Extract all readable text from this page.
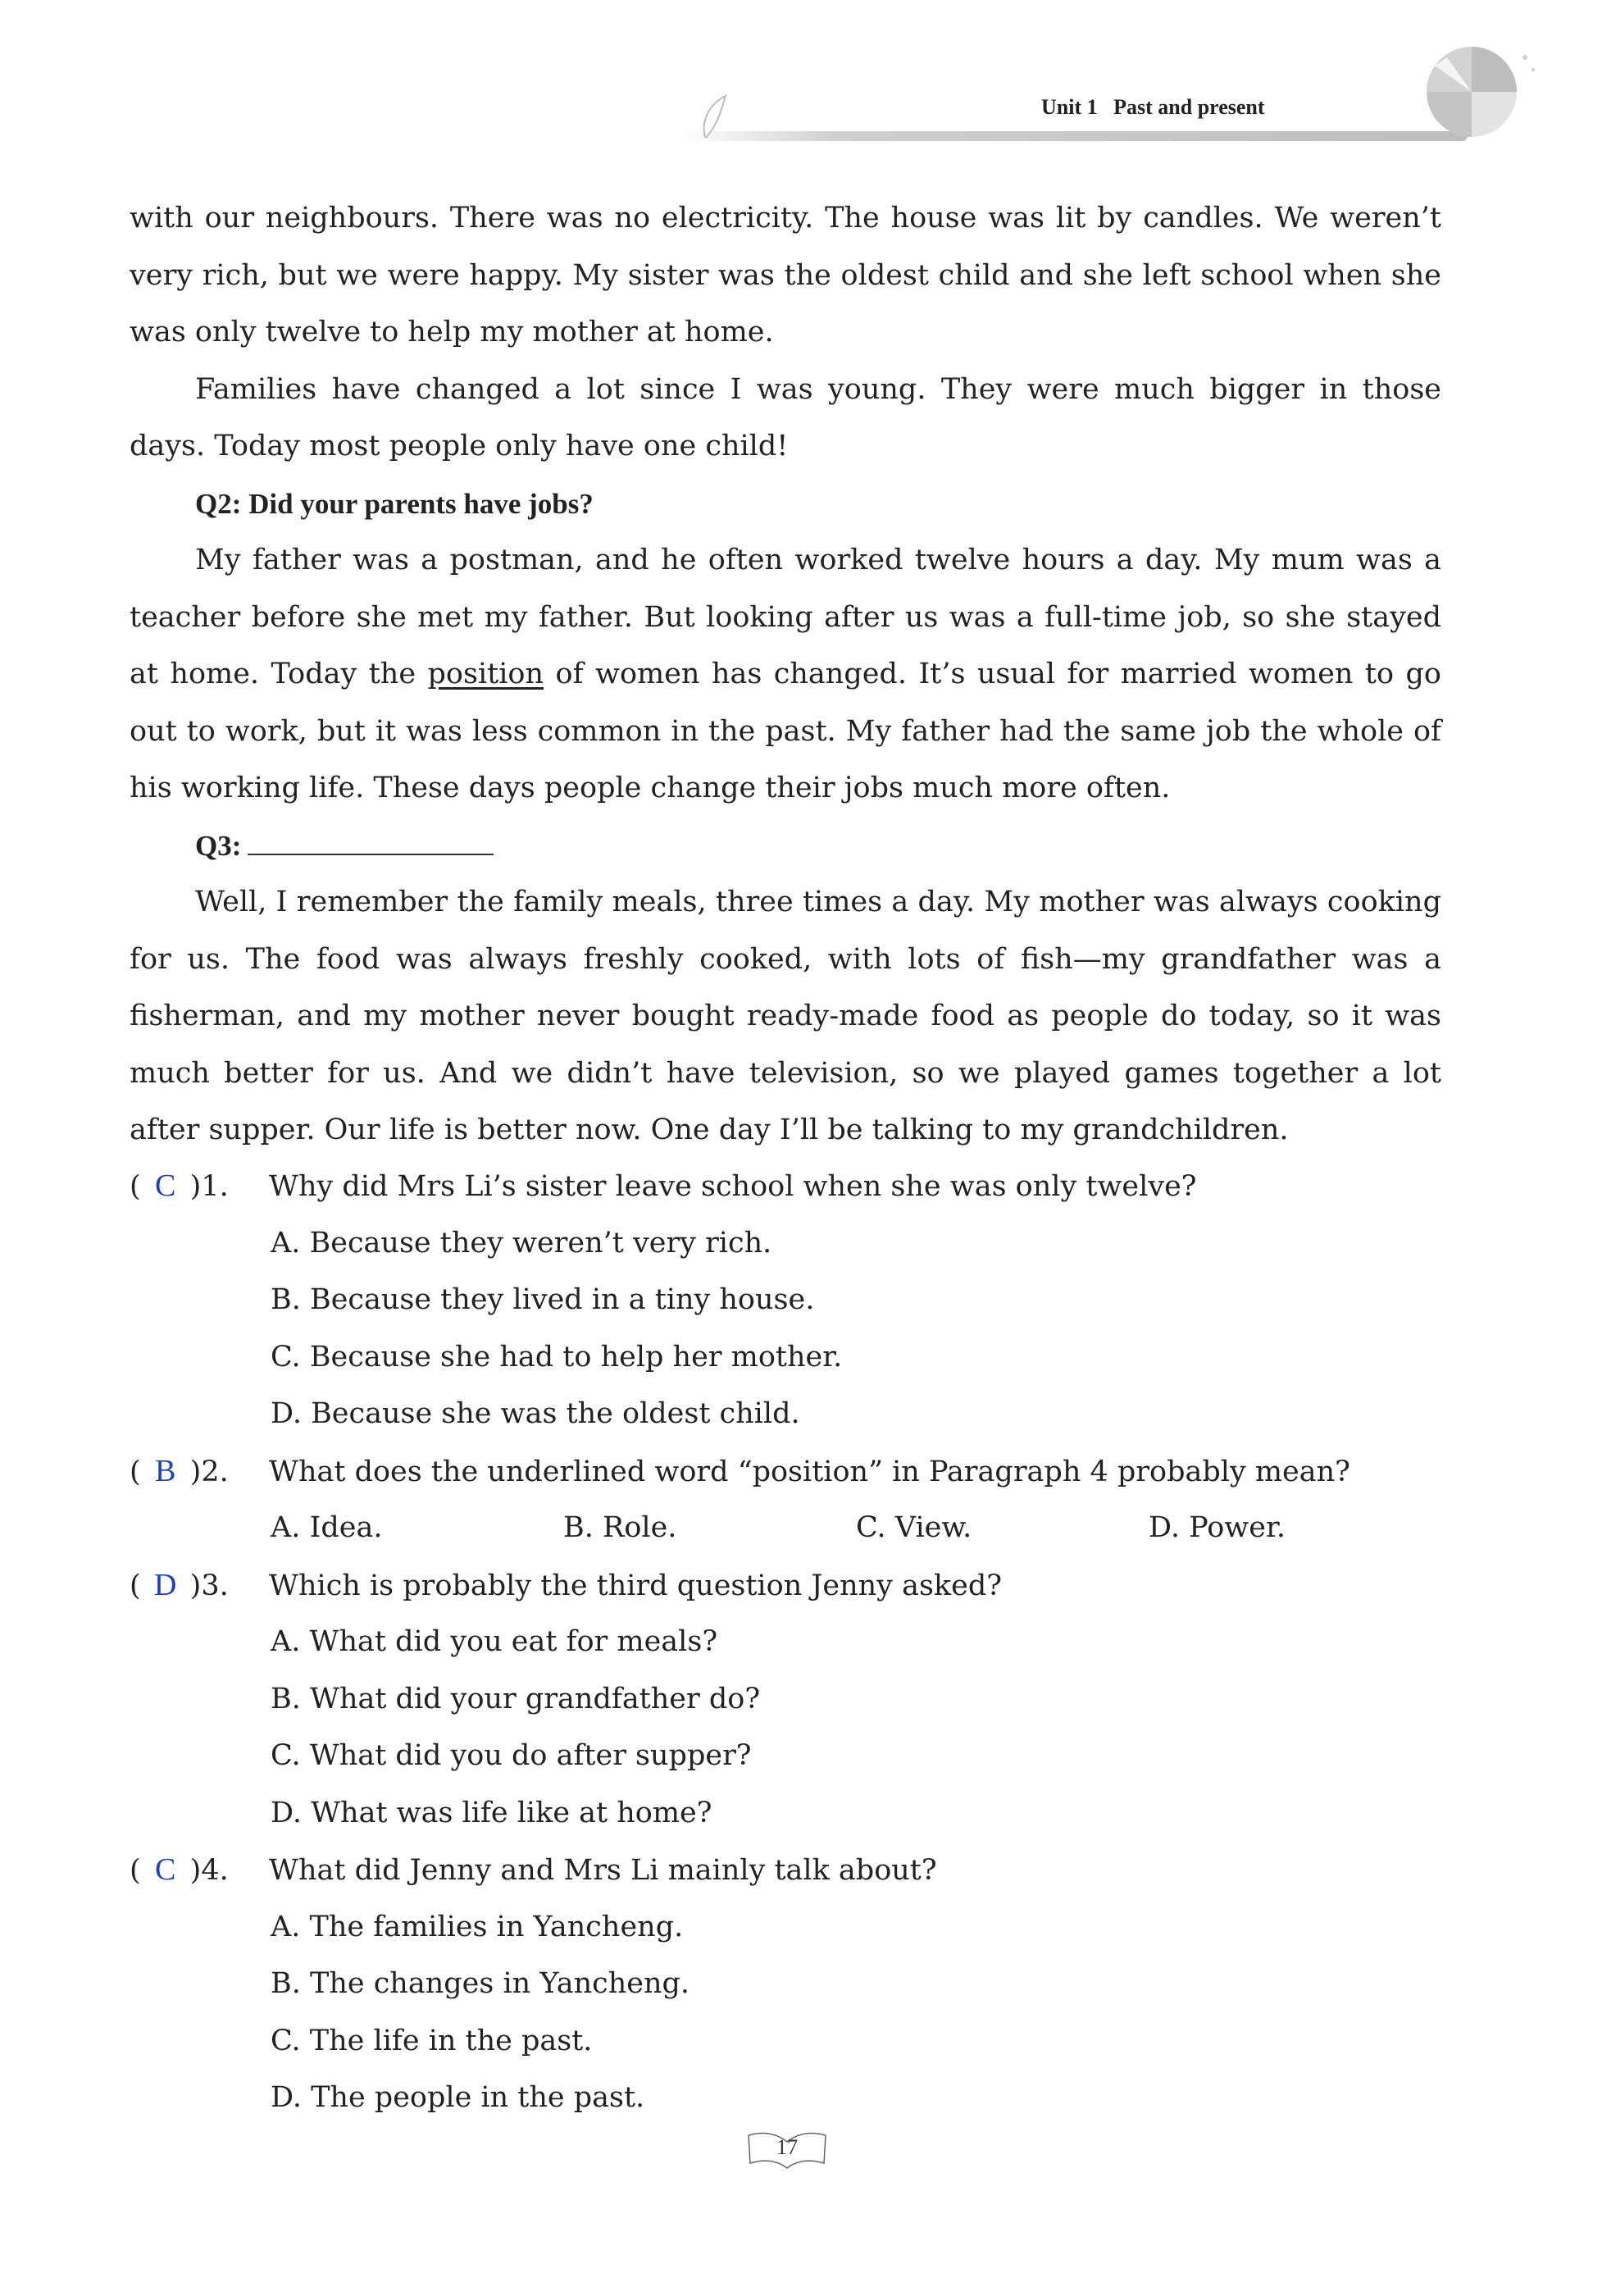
Unit 1   Past and present

with our neighbours. There was no electricity. The house was lit by candles. We weren’t very rich, but we were happy. My sister was the oldest child and she left school when she was only twelve to help my mother at home.

Families have changed a lot since I was young. They were much bigger in those days. Today most people only have one child!

Q2: Did your parents have jobs?

My father was a postman, and he often worked twelve hours a day. My mum was a teacher before she met my father. But looking after us was a full-time job, so she stayed at home. Today the position of women has changed. It’s usual for married women to go out to work, but it was less common in the past. My father had the same job the whole of his working life. These days people change their jobs much more often.

Q3:

Well, I remember the family meals, three times a day. My mother was always cooking for us. The food was always freshly cooked, with lots of fish—my grandfather was a fisherman, and my mother never bought ready-made food as people do today, so it was much better for us. And we didn’t have television, so we played games together a lot after supper. Our life is better now. One day I’ll be talking to my grandchildren.

( C )1. Why did Mrs Li’s sister leave school when she was only twelve?
A. Because they weren’t very rich.
B. Because they lived in a tiny house.
C. Because she had to help her mother.
D. Because she was the oldest child.
( B )2. What does the underlined word “position” in Paragraph 4 probably mean?
A. Idea.	B. Role.	C. View.	D. Power.
( D )3. Which is probably the third question Jenny asked?
A. What did you eat for meals?
B. What did your grandfather do?
C. What did you do after supper?
D. What was life like at home?
( C )4. What did Jenny and Mrs Li mainly talk about?
A. The families in Yancheng.
B. The changes in Yancheng.
C. The life in the past.
D. The people in the past.
17
